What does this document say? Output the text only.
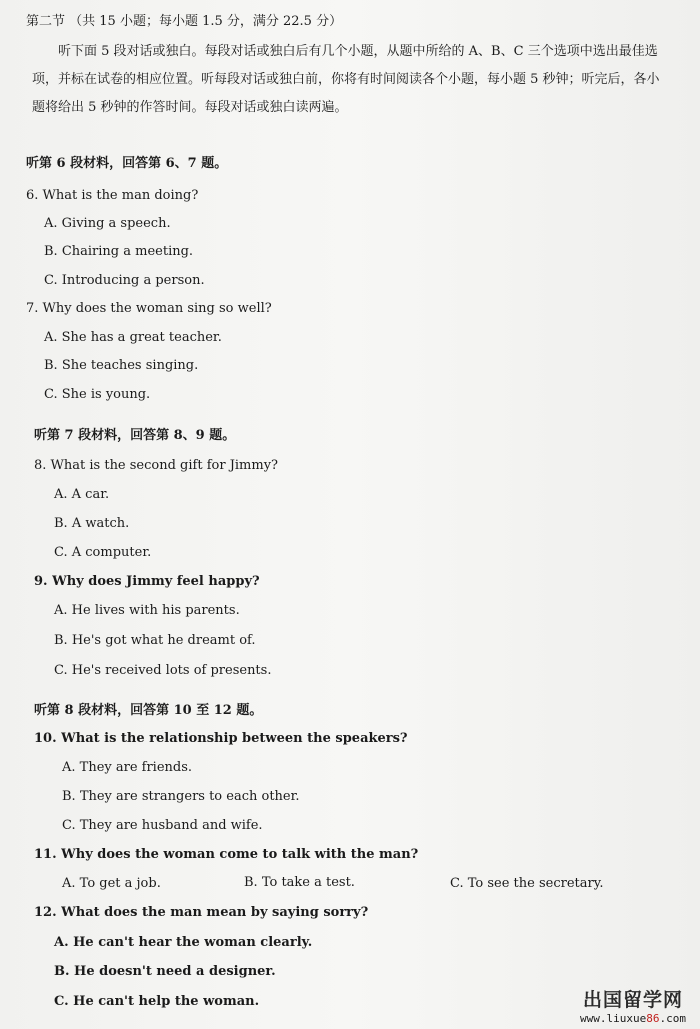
第二节 （共 15 小题；每小题 1.5 分，满分 22.5 分）
听下面 5 段对话或独白。每段对话或独白后有几个小题，从题中所给的 A、B、C 三个选项中选出最佳选项，并标在试卷的相应位置。听每段对话或独白前，你将有时间阅读各个小题，每小题 5 秒钟；听完后，各小题将给出 5 秒钟的作答时间。每段对话或独白读两遍。
听第 6 段材料，回答第 6、7 题。
6. What is the man doing?
A. Giving a speech.
B. Chairing a meeting.
C. Introducing a person.
7. Why does the woman sing so well?
A. She has a great teacher.
B. She teaches singing.
C. She is young.
听第 7 段材料，回答第 8、9 题。
8. What is the second gift for Jimmy?
A. A car.
B. A watch.
C. A computer.
9. Why does Jimmy feel happy?
A. He lives with his parents.
B. He's got what he dreamt of.
C. He's received lots of presents.
听第 8 段材料，回答第 10 至 12 题。
10. What is the relationship between the speakers?
A. They are friends.
B. They are strangers to each other.
C. They are husband and wife.
11. Why does the woman come to talk with the man?
A. To get a job.	B. To take a test.	C. To see the secretary.
12. What does the man mean by saying sorry?
A. He can't hear the woman clearly.
B. He doesn't need a designer.
C. He can't help the woman.	出国留学网
www.liuxue86.com
